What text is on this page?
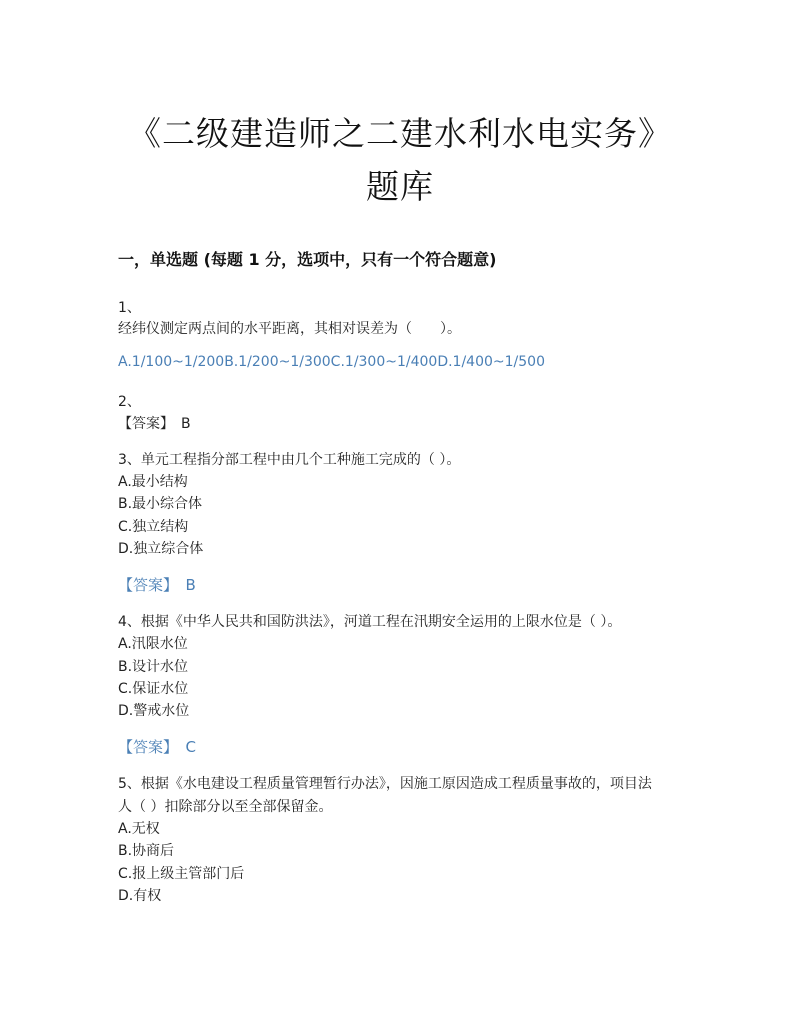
《二级建造师之二建水利水电实务》
题库
一，单选题 (每题 1 分，选项中，只有一个符合题意)
1、
经纬仪测定两点间的水平距离，其相对误差为（　　）。
A.1/100~1/200B.1/200~1/300C.1/300~1/400D.1/400~1/500
2、
【答案】　B
3、单元工程指分部工程中由几个工种施工完成的（ ）。
A.最小结构
B.最小综合体
C.独立结构
D.独立综合体
【答案】　B
4、根据《中华人民共和国防洪法》，河道工程在汛期安全运用的上限水位是（ ）。
A.汛限水位
B.设计水位
C.保证水位
D.警戒水位
【答案】　C
5、根据《水电建设工程质量管理暂行办法》，因施工原因造成工程质量事故的，项目法
人（ ）扣除部分以至全部保留金。
A.无权
B.协商后
C.报上级主管部门后
D.有权
